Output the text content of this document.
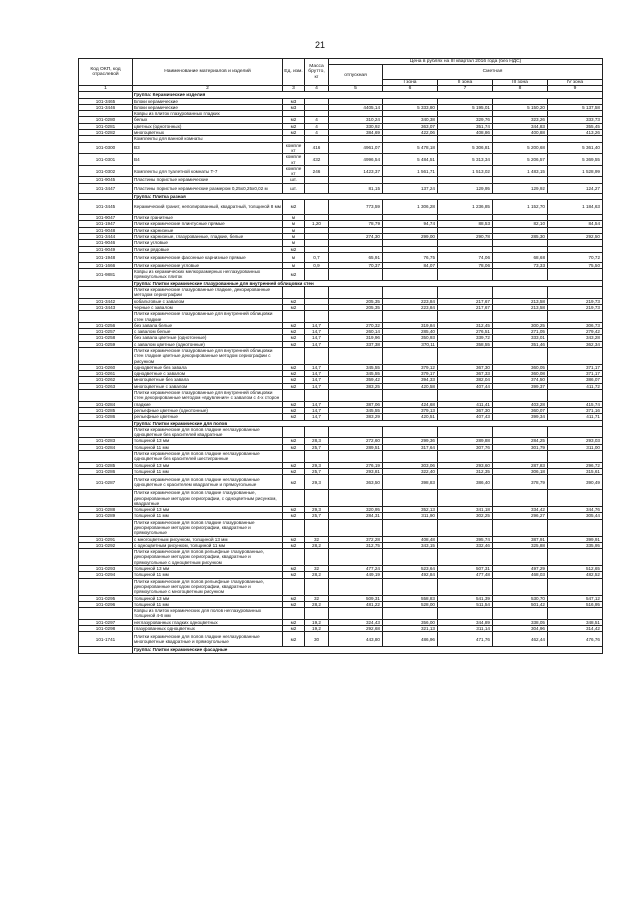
21
Код ОКП, код отраслевой	Наименование материалов и изделий	Ед. изм.	Масса брутто, кг	Цена в рублях на III квартал 2016 года (без НДС)				
				отпускная	Сметная			
					I зона	II зона	III зона	IV зона
1	2	3	4	5	6	7	8	9
	Группа: Керамические изделия							
101-3465	Блоки керамические	м3						
101-3446	Блоки керамические	м3		4405,14	5 333,80	5 195,01	5 150,20	5 137,58
	Ковры из плиток глазурованных гладких							
101-0280	белых	м2	4	310,24	340,38	329,76	323,26	333,73
101-0281	цветных (однотонных)	м2	4	330,92	363,07	351,74	344,83	355,45
101-0282	многоцветных	м2	4	384,69	422,06	408,86	400,88	413,26
	Комплекты для ванной комнаты							
101-0300	В3	компле кт	416	4961,07	5 478,18	5 306,81	5 200,68	5 361,40
101-0301	В4	компле кт	432	4996,54	5 484,51	5 313,34	5 206,57	5 369,55
101-0302	Комплекты для туалетной комнаты Т-7	компле кт	246	1423,37	1 561,71	1 513,02	1 483,15	1 528,99
101-9045	Пластины пористые керамические	шт.						
101-3447	Пластины пористые керамические размером 0,25х0,25х0,02 м	шт.		81,15	137,24	129,95	129,92	124,27
	Группа: Плитка разная							
101-3445	Керамический гранит, неполированный, квадратный, толщиной 8 мм	м2		773,59	1 306,28	1 236,85	1 152,70	1 184,63
101-9047	Плитки гранитные	м						
101-1947	Плитки керамические плинтусные прямые	м	1,20	78,79	94,74	88,53	82,10	84,54
101-9048	Плитки карнизные	м						
101-3444	Плитки карнизные, глазурованные, гладкие, белые	м		274,30	299,00	290,78	285,30	292,50
101-9046	Плитки угловые	м						
101-9049	Плитки рядовые	м2						
101-1948	Плитки керамические фасонные карнизные прямые	м	0,7	65,91	76,75	74,06	68,68	70,72
101-1666	Плитки керамические угловые	м	0,9	70,37	84,07	78,06	73,33	75,50
101-9881	Ковры из керамических мелкоразмерных неглазурованных прямоугольных плиток	м2						
	Группа: Плитки керамические глазурованные для внутренней облицовки стен							
	Плитки керамические глазурованные гладкие, декорированные методом сериографии							
101-3442	кобальтовые с завалом	м2		205,35	223,84	217,67	213,58	219,73
101-3443	черные с завалом	м2		205,35	223,84	217,67	213,58	219,73
	Плитки керамические глазурованные для внутренней облицовки стен гладкие							
101-0256	без завала белые	м2	14,7	270,32	319,84	312,45	300,25	306,73
101-0257	с завалом белые	м2	14,7	260,14	285,40	276,51	271,05	279,42
101-0258	без завала цветные (однотонные)	м2	14,7	319,96	350,93	339,72	333,01	343,28
101-0259	с завалом цветные (однотонные)	м2	14,7	337,38	370,11	358,55	351,46	362,34
	Плитки керамические глазурованные для внутренней облицовки стен гладкие цветные декорированные методом сериографии с рисунком							
101-0260	однодветные без завала	м2	14,7	345,55	379,12	367,30	360,05	371,17
101-0261	однодветные с завалом	м2	14,7	345,55	379,17	367,33	360,08	371,17
101-0262	многоцветные без завала	м2	14,7	359,42	394,33	382,04	374,50	386,07
101-0263	многоцветные с завалом	м2	14,7	383,25	420,58	407,44	399,37	411,72
	Плитки керамические глазурованные для внутренней облицовки стен декорированные методом «вдувления» с завалом с 4-х сторон							
101-0284	гладкие	м2	14,7	387,06	424,68	411,41	403,28	415,74
101-0285	рельефные цветные (однотонные)	м2	14,7	345,55	379,13	367,30	360,07	371,16
101-0286	рельефные цветные	м2	14,7	383,29	420,51	407,43	399,34	411,71
	Группа: Плитки керамические для полов							
	Плитки керамические для полов гладкие неглазурованные одноцветные без красителей квадратные							
101-0283	толщиной 13 мм	м2	28,3	272,60	299,36	289,88	284,25	293,03
101-0284	толщиной 11 мм	м2	25,7	289,51	317,64	307,76	301,79	311,00
	Плитки керамические для полов гладкие неглазурованные одноцветные без красителей шестигранные							
101-0285	толщиной 13 мм	м2	29,3	276,19	303,06	293,60	287,83	296,72
101-0286	толщиной 11 мм	м2	25,7	293,81	322,40	312,35	306,18	315,61
101-0287	Плитки керамические для полов гладкие неглазурованные одноцветные с красителем квадратные и прямоугольные	м2	29,3	363,50	398,83	386,40	378,79	390,49
	Плитки керамические для полов гладкие глазурованные, декорированные методом сериографии, с одноцветным рисунком, квадратные							
101-0288	толщиной 13 мм	м2	29,3	320,95	352,13	341,18	334,42	344,76
101-0289	толщиной 11 мм	м2	25,7	284,31	311,90	302,25	296,27	305,44
	Плитки керамические для полов гладкие глазурованные декорированные методом сериографии, квадратные и прямоугольные							
101-0291	с многоцветным рисунком, толщиной 13 мм	м2	32	372,28	408,48	395,74	387,91	399,91
101-0292	с одноцветным рисунком, толщиной 11 мм	м2	28,2	312,75	343,15	332,46	325,88	335,95
	Плитки керамические для полов рельефные глазурованные, декорированные методом сериографии, квадратные и прямоугольные с одноцветным рисунком							
101-0293	толщиной 13 мм	м2	32	477,24	523,64	507,31	497,29	512,65
101-0294	толщиной 11 мм	м2	28,2	449,19	492,84	477,48	468,03	482,52
	Плитки керамические для полов рельефные глазурованные, декорированные методом сериографии, квадратные и прямоугольные с многоцветным рисунком							
101-0295	толщиной 13 мм	м2	32	509,31	558,83	541,39	530,70	547,12
101-0296	толщиной 11 мм	м2	28,2	481,22	528,00	511,54	501,42	516,95
	Ковры из плиток керамических для полов неглазурованных толщиной 4-6 мм							
101-0297	неглазурованных гладких одноцветных	м2	19,2	324,43	356,00	344,89	338,05	348,51
101-0298	глазурованных одноцветных	м2	19,2	292,68	321,13	311,14	304,96	314,42
101-1741	Плитки керамические для полов гладкие неглазурованные многоцветные квадратные и прямоугольные	м2	30	443,80	486,96	471,76	462,44	476,76
	Группа: Плитки керамические фасадные							
